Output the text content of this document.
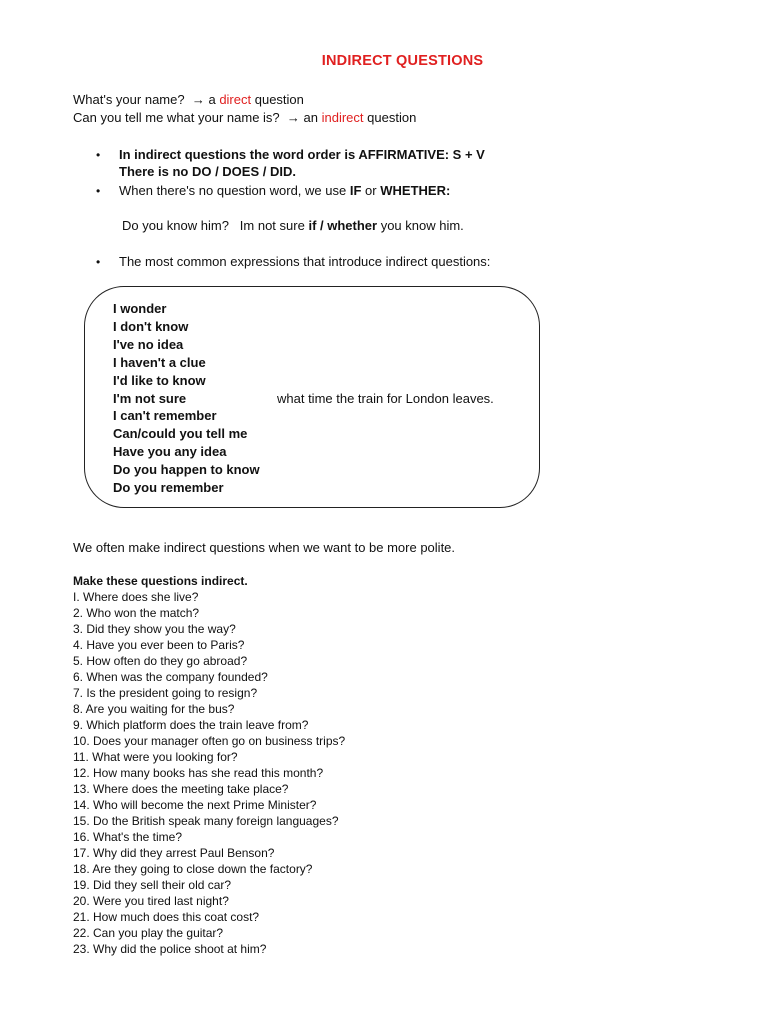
INDIRECT QUESTIONS
What's your name? → a direct question
Can you tell me what your name is? → an indirect question
• In indirect questions the word order is AFFIRMATIVE: S + V
There is no DO / DOES / DID.
• When there's no question word, we use IF or WHETHER:
Do you know him? Im not sure if / whether you know him.
• The most common expressions that introduce indirect questions:
I wonder
I don't know
I've no idea
I haven't a clue
I'd like to know
I'm not sure
I can't remember
Can/could you tell me
Have you any idea
Do you happen to know
Do you remember
what time the train for London leaves.
We often make indirect questions when we want to be more polite.
Make these questions indirect.
I. Where does she live?
2. Who won the match?
3. Did they show you the way?
4. Have you ever been to Paris?
5. How often do they go abroad?
6. When was the company founded?
7. Is the president going to resign?
8. Are you waiting for the bus?
9. Which platform does the train leave from?
10. Does your manager often go on business trips?
11. What were you looking for?
12. How many books has she read this month?
13. Where does the meeting take place?
14. Who will become the next Prime Minister?
15. Do the British speak many foreign languages?
16. What's the time?
17. Why did they arrest Paul Benson?
18. Are they going to close down the factory?
19. Did they sell their old car?
20. Were you tired last night?
21. How much does this coat cost?
22. Can you play the guitar?
23. Why did the police shoot at him?
